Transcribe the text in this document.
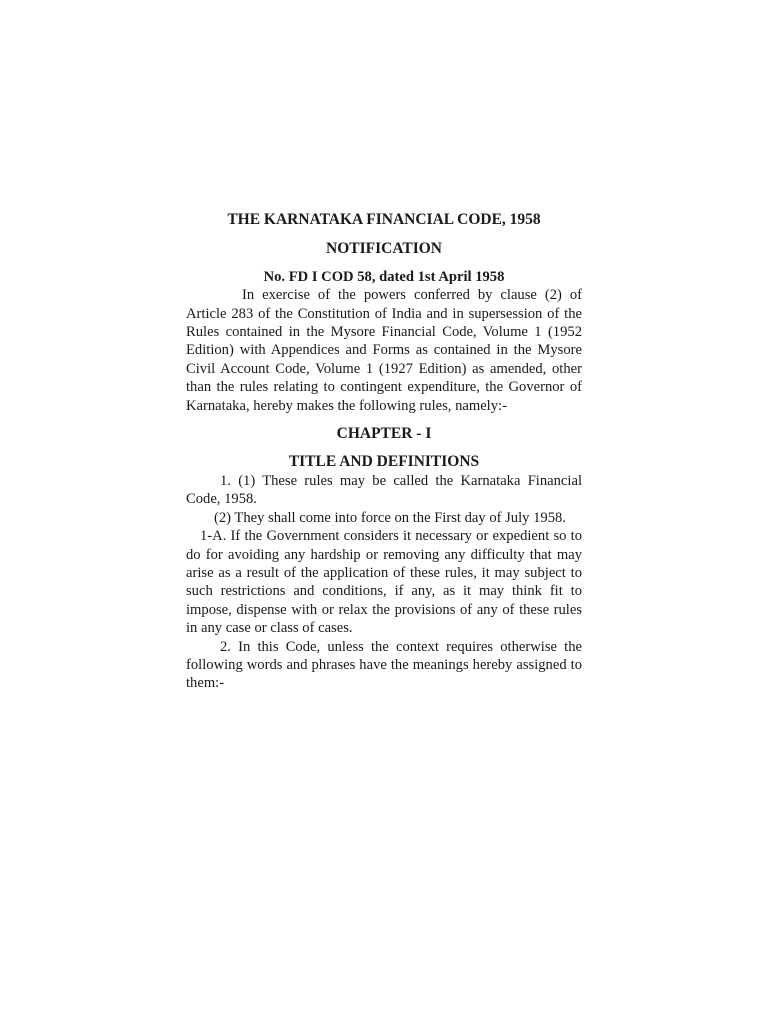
THE KARNATAKA FINANCIAL CODE, 1958

NOTIFICATION

No. FD I COD 58, dated 1st April 1958

In exercise of the powers conferred by clause (2) of Article 283 of the Constitution of India and in supersession of the Rules contained in the Mysore Financial Code, Volume 1 (1952 Edition) with Appendices and Forms as contained in the Mysore Civil Account Code, Volume 1 (1927 Edition) as amended, other than the rules relating to contingent expenditure, the Governor of Karnataka, hereby makes the following rules, namely:-

CHAPTER - I

TITLE AND DEFINITIONS

1. (1) These rules may be called the Karnataka Financial Code, 1958.

(2) They shall come into force on the First day of July 1958.

1-A. If the Government considers it necessary or expedient so to do for avoiding any hardship or removing any difficulty that may arise as a result of the application of these rules, it may subject to such restrictions and conditions, if any, as it may think fit to impose, dispense with or relax the provisions of any of these rules in any case or class of cases.

2. In this Code, unless the context requires otherwise the following words and phrases have the meanings hereby assigned to them:-
